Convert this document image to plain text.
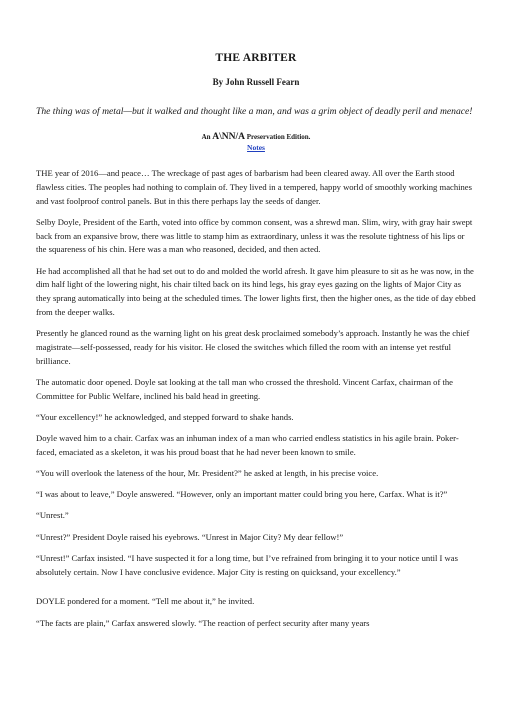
THE ARBITER

By John Russell Fearn

The thing was of metal—but it walked and thought like a man, and was a grim object of deadly peril and menace!

An A\NN/A Preservation Edition.

Notes

THE year of 2016—and peace… The wreckage of past ages of barbarism had been cleared away. All over the Earth stood flawless cities. The peoples had nothing to complain of. They lived in a tempered, happy world of smoothly working machines and vast foolproof control panels. But in this there perhaps lay the seeds of danger.

Selby Doyle, President of the Earth, voted into office by common consent, was a shrewd man. Slim, wiry, with gray hair swept back from an expansive brow, there was little to stamp him as extraordinary, unless it was the resolute tightness of his lips or the squareness of his chin. Here was a man who reasoned, decided, and then acted.

He had accomplished all that he had set out to do and molded the world afresh. It gave him pleasure to sit as he was now, in the dim half light of the lowering night, his chair tilted back on its hind legs, his gray eyes gazing on the lights of Major City as they sprang automatically into being at the scheduled times. The lower lights first, then the higher ones, as the tide of day ebbed from the deeper walks.

Presently he glanced round as the warning light on his great desk proclaimed somebody’s approach. Instantly he was the chief magistrate—self-possessed, ready for his visitor. He closed the switches which filled the room with an intense yet restful brilliance.

The automatic door opened. Doyle sat looking at the tall man who crossed the threshold. Vincent Carfax, chairman of the Committee for Public Welfare, inclined his bald head in greeting.

“Your excellency!” he acknowledged, and stepped forward to shake hands.

Doyle waved him to a chair. Carfax was an inhuman index of a man who carried endless statistics in his agile brain. Poker-faced, emaciated as a skeleton, it was his proud boast that he had never been known to smile.

“You will overlook the lateness of the hour, Mr. President?” he asked at length, in his precise voice.

“I was about to leave,” Doyle answered. “However, only an important matter could bring you here, Carfax. What is it?”

“Unrest.”

“Unrest?” President Doyle raised his eyebrows. “Unrest in Major City? My dear fellow!”

“Unrest!” Carfax insisted. “I have suspected it for a long time, but I’ve refrained from bringing it to your notice until I was absolutely certain. Now I have conclusive evidence. Major City is resting on quicksand, your excellency.”

DOYLE pondered for a moment. “Tell me about it,” he invited.

“The facts are plain,” Carfax answered slowly. “The reaction of perfect security after many years
